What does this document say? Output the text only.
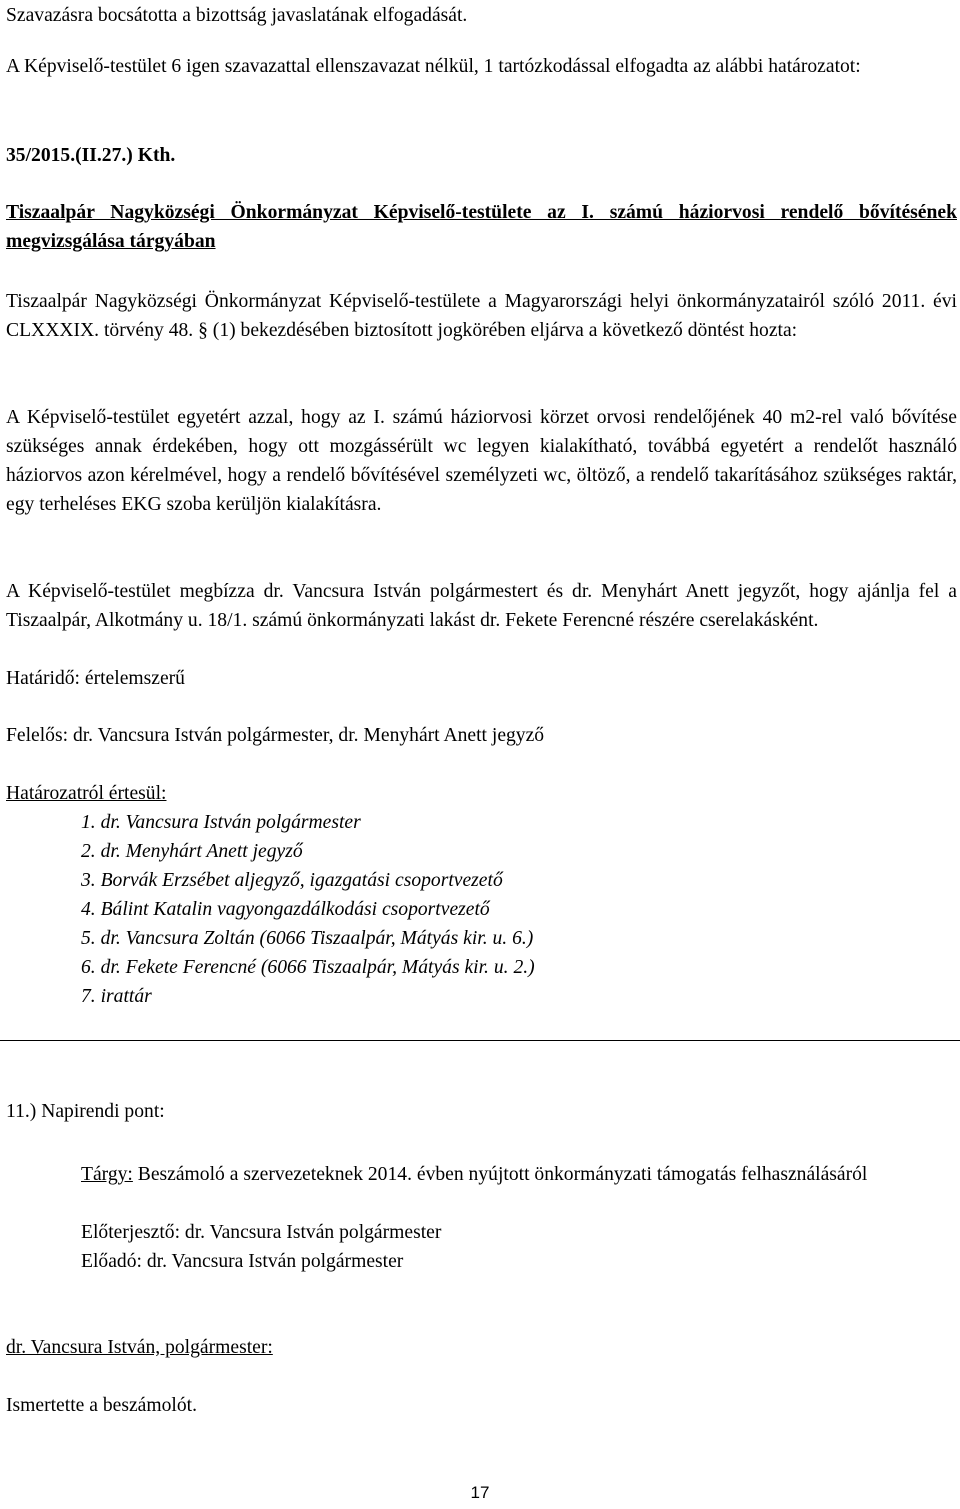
Szavazásra bocsátotta a bizottság javaslatának elfogadását.

A Képviselő-testület 6 igen szavazattal ellenszavazat nélkül, 1 tartózkodással elfogadta az alábbi határozatot:

35/2015.(II.27.) Kth.

Tiszaalpár Nagyközségi Önkormányzat Képviselő-testülete az I. számú háziorvosi rendelő bővítésének megvizsgálása tárgyában

Tiszaalpár Nagyközségi Önkormányzat Képviselő-testülete a Magyarországi helyi önkormányzatairól szóló 2011. évi CLXXXIX. törvény 48. § (1) bekezdésében biztosított jogkörében eljárva a következő döntést hozta:

A Képviselő-testület egyetért azzal, hogy az I. számú háziorvosi körzet orvosi rendelőjének 40 m2-rel való bővítése szükséges annak érdekében, hogy ott mozgássérült wc legyen kialakítható, továbbá egyetért a rendelőt használó háziorvos azon kérelmével, hogy a rendelő bővítésével személyzeti wc, öltöző, a rendelő takarításához szükséges raktár, egy terheléses EKG szoba kerüljön kialakításra.

A Képviselő-testület megbízza dr. Vancsura István polgármestert és dr. Menyhárt Anett jegyzőt, hogy ajánlja fel a Tiszaalpár, Alkotmány u. 18/1. számú önkormányzati lakást dr. Fekete Ferencné részére cserelakásként.

Határidő: értelemszerű

Felelős: dr. Vancsura István polgármester, dr. Menyhárt Anett jegyző

Határozatról értesül:

1. dr. Vancsura István polgármester
2. dr. Menyhárt Anett jegyző
3. Borvák Erzsébet aljegyző, igazgatási csoportvezető
4. Bálint Katalin vagyongazdálkodási csoportvezető
5. dr. Vancsura Zoltán (6066 Tiszaalpár, Mátyás kir. u. 6.)
6. dr. Fekete Ferencné (6066 Tiszaalpár, Mátyás kir. u. 2.)
7. irattár

11.) Napirendi pont:

Tárgy: Beszámoló a szervezeteknek 2014. évben nyújtott önkormányzati támogatás felhasználásáról

Előterjesztő: dr. Vancsura István polgármester

Előadó: dr. Vancsura István polgármester

dr. Vancsura István, polgármester:

Ismertette a beszámolót.

17
